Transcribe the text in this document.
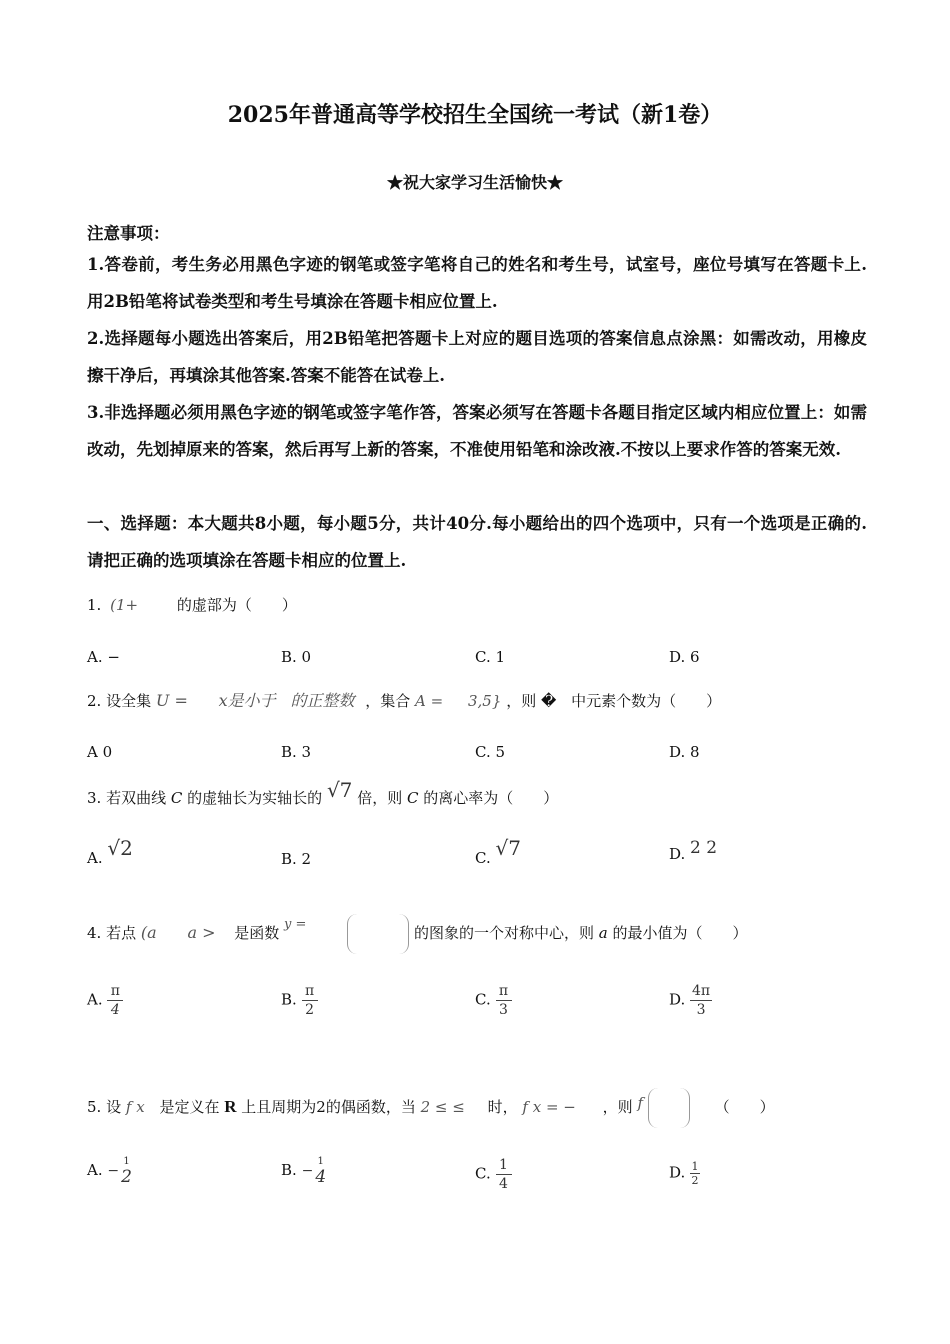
2025年普通高等学校招生全国统一考试（新1卷）
★祝大家学习生活愉快★
注意事项：
1.答卷前，考生务必用黑色字迹的钢笔或签字笔将自己的姓名和考生号，试室号，座位号填写在答题卡上.用2B铅笔将试卷类型和考生号填涂在答题卡相应位置上.
2.选择题每小题选出答案后，用2B铅笔把答题卡上对应的题目选项的答案信息点涂黑：如需改动，用橡皮擦干净后，再填涂其他答案.答案不能答在试卷上.
3.非选择题必须用黑色字迹的钢笔或签字笔作答，答案必须写在答题卡各题目指定区域内相应位置上：如需改动，先划掉原来的答案，然后再写上新的答案，不准使用铅笔和涂改液.不按以上要求作答的答案无效.
一、选择题：本大题共8小题，每小题5分，共计40分.每小题给出的四个选项中，只有一个选项是正确的.请把正确的选项填涂在答题卡相应的位置上.
1. (1+	的虚部为（　　）
A. −	B. 0	C. 1	D. 6
2. 设全集 U = x是小于 的正整数 ，集合 A = 3,5} ，则 � 中元素个数为（　　）
A 0	B. 3	C. 5	D. 8
3. 若双曲线 C 的虚轴长为实轴长的 √7 倍，则 C 的离心率为（　　）
A. √2	B. 2	C. √7	D. 2 2
4. 若点 (a a > 是函数 y =	的图象的一个对称中心，则 a 的最小值为（　　）
A. $\frac{\pi}{4}$	B. $\frac{\pi}{2}$	C. $\frac{\pi}{3}$	D. $\frac{4\pi}{3}$
5. 设 f x 是定义在 R 上且周期为2的偶函数，当 2 ≤ ≤ 时， f x = − ，则 f	（　　）
A. −
1
2	B. −
1
4	C. $\frac{1}{4}$	D. $\frac{1}{2}$
